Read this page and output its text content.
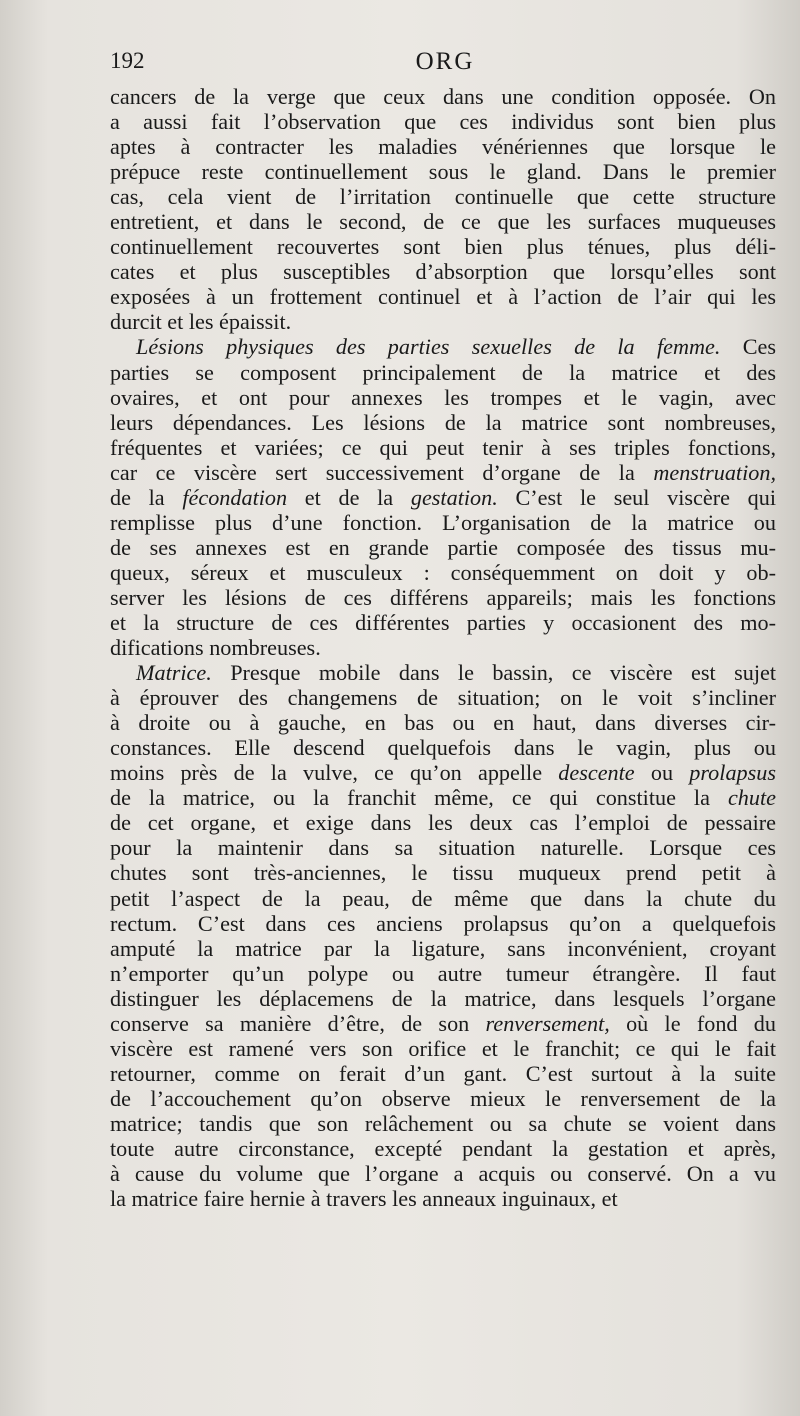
192	ORG
cancers de la verge que ceux dans une condition opposée. On
a aussi fait l’observation que ces individus sont bien plus
aptes à contracter les maladies vénériennes que lorsque le
prépuce reste continuellement sous le gland. Dans le premier
cas, cela vient de l’irritation continuelle que cette structure
entretient, et dans le second, de ce que les surfaces muqueuses
continuellement recouvertes sont bien plus ténues, plus déli-
cates et plus susceptibles d’absorption que lorsqu’elles sont
exposées à un frottement continuel et à l’action de l’air qui les
durcit et les épaissit.
Lésions physiques des parties sexuelles de la femme. Ces
parties se composent principalement de la matrice et des
ovaires, et ont pour annexes les trompes et le vagin, avec
leurs dépendances. Les lésions de la matrice sont nombreuses,
fréquentes et variées; ce qui peut tenir à ses triples fonctions,
car ce viscère sert successivement d’organe de la menstruation,
de la fécondation et de la gestation. C’est le seul viscère qui
remplisse plus d’une fonction. L’organisation de la matrice ou
de ses annexes est en grande partie composée des tissus mu-
queux, séreux et musculeux : conséquemment on doit y ob-
server les lésions de ces différens appareils; mais les fonctions
et la structure de ces différentes parties y occasionent des mo-
difications nombreuses.
Matrice. Presque mobile dans le bassin, ce viscère est sujet
à éprouver des changemens de situation; on le voit s’incliner
à droite ou à gauche, en bas ou en haut, dans diverses cir-
constances. Elle descend quelquefois dans le vagin, plus ou
moins près de la vulve, ce qu’on appelle descente ou prolapsus
de la matrice, ou la franchit même, ce qui constitue la chute
de cet organe, et exige dans les deux cas l’emploi de pessaire
pour la maintenir dans sa situation naturelle. Lorsque ces
chutes sont très-anciennes, le tissu muqueux prend petit à
petit l’aspect de la peau, de même que dans la chute du
rectum. C’est dans ces anciens prolapsus qu’on a quelquefois
amputé la matrice par la ligature, sans inconvénient, croyant
n’emporter qu’un polype ou autre tumeur étrangère. Il faut
distinguer les déplacemens de la matrice, dans lesquels l’organe
conserve sa manière d’être, de son renversement, où le fond du
viscère est ramené vers son orifice et le franchit; ce qui le fait
retourner, comme on ferait d’un gant. C’est surtout à la suite
de l’accouchement qu’on observe mieux le renversement de la
matrice; tandis que son relâchement ou sa chute se voient dans
toute autre circonstance, excepté pendant la gestation et après,
à cause du volume que l’organe a acquis ou conservé. On a vu
la matrice faire hernie à travers les anneaux inguinaux, et
